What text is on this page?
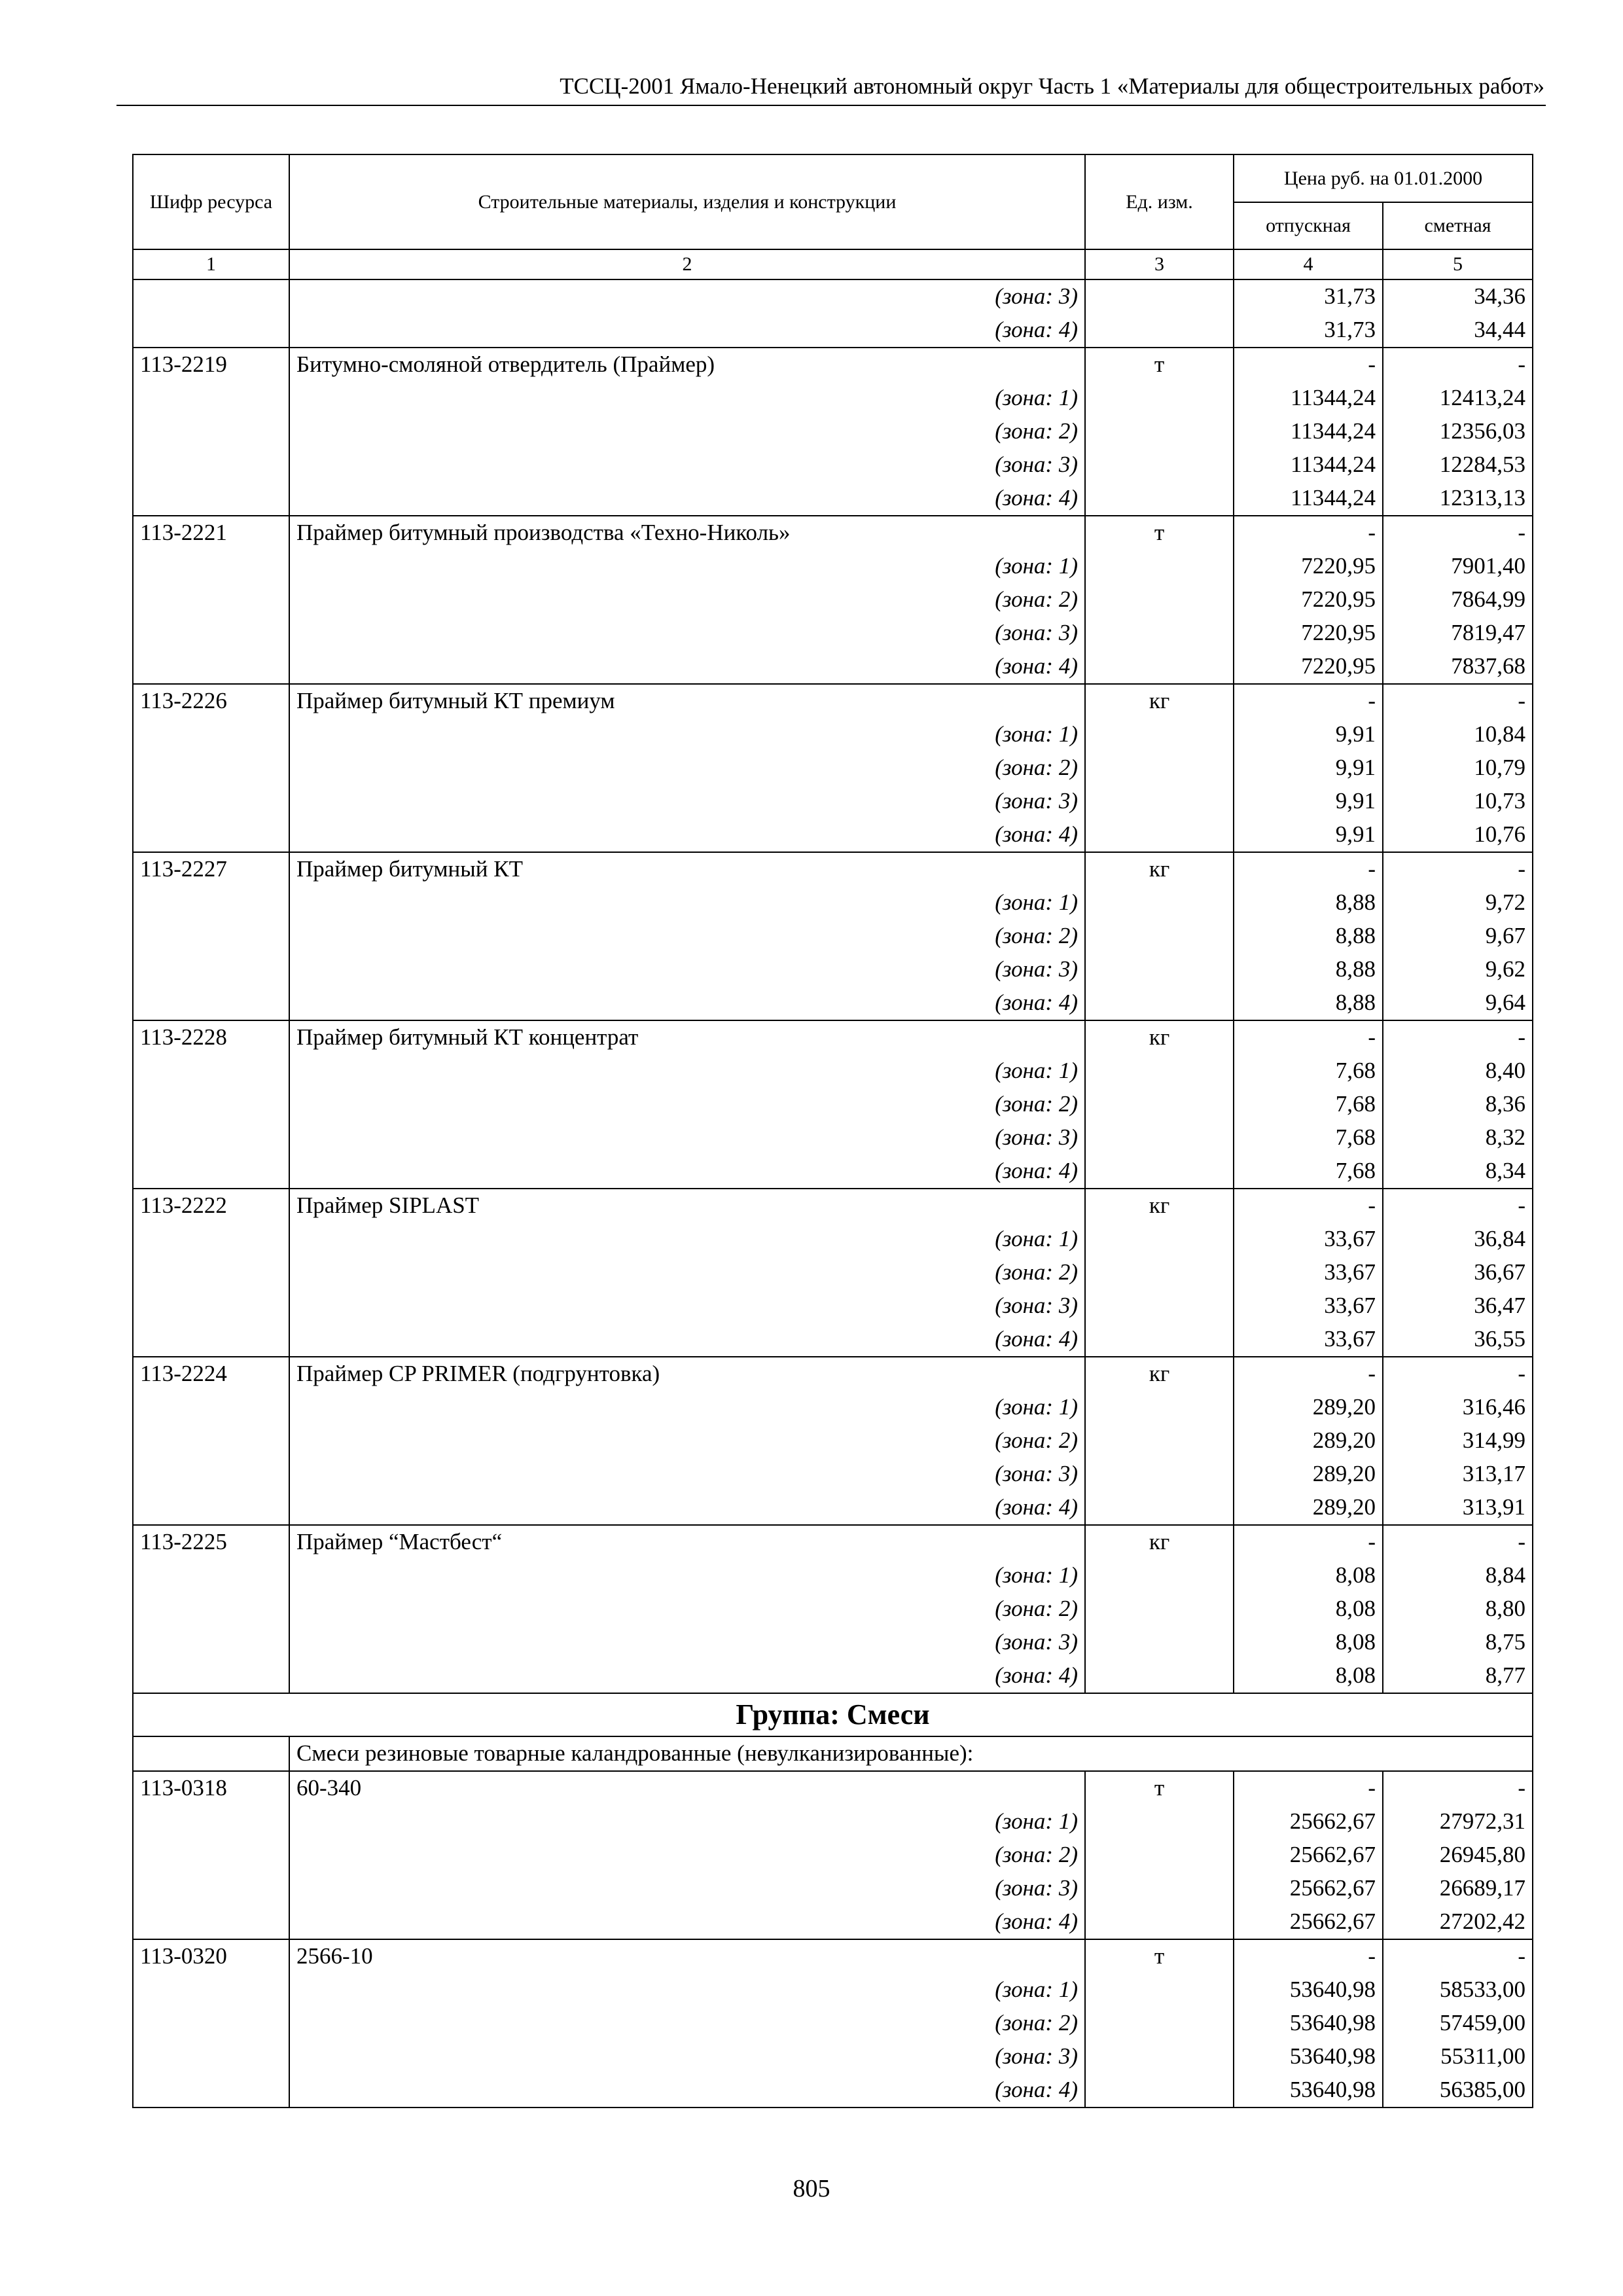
ТССЦ-2001 Ямало-Ненецкий автономный округ Часть 1 «Материалы для общестроительных работ»
Шифр ресурса	Строительные материалы, изделия и конструкции	Ед. изм.	Цена руб. на 01.01.2000	
			отпускная	сметная
1	2	3	4	5
	(зона: 3)		31,73	34,36
	(зона: 4)		31,73	34,44
113-2219	Битумно-смоляной отвердитель (Праймер)	т	-	-
	(зона: 1)		11344,24	12413,24
	(зона: 2)		11344,24	12356,03
	(зона: 3)		11344,24	12284,53
	(зона: 4)		11344,24	12313,13
113-2221	Праймер битумный производства «Техно-Николь»	т	-	-
	(зона: 1)		7220,95	7901,40
	(зона: 2)		7220,95	7864,99
	(зона: 3)		7220,95	7819,47
	(зона: 4)		7220,95	7837,68
113-2226	Праймер битумный КТ премиум	кг	-	-
	(зона: 1)		9,91	10,84
	(зона: 2)		9,91	10,79
	(зона: 3)		9,91	10,73
	(зона: 4)		9,91	10,76
113-2227	Праймер битумный КТ	кг	-	-
	(зона: 1)		8,88	9,72
	(зона: 2)		8,88	9,67
	(зона: 3)		8,88	9,62
	(зона: 4)		8,88	9,64
113-2228	Праймер битумный КТ концентрат	кг	-	-
	(зона: 1)		7,68	8,40
	(зона: 2)		7,68	8,36
	(зона: 3)		7,68	8,32
	(зона: 4)		7,68	8,34
113-2222	Праймер SIPLAST	кг	-	-
	(зона: 1)		33,67	36,84
	(зона: 2)		33,67	36,67
	(зона: 3)		33,67	36,47
	(зона: 4)		33,67	36,55
113-2224	Праймер CP PRIMER (подгрунтовка)	кг	-	-
	(зона: 1)		289,20	316,46
	(зона: 2)		289,20	314,99
	(зона: 3)		289,20	313,17
	(зона: 4)		289,20	313,91
113-2225	Праймер “Мастбест“	кг	-	-
	(зона: 1)		8,08	8,84
	(зона: 2)		8,08	8,80
	(зона: 3)		8,08	8,75
	(зона: 4)		8,08	8,77
Группа: Смеси				
	Смеси резиновые товарные каландрованные (невулканизированные):			
113-0318	60-340	т	-	-
	(зона: 1)		25662,67	27972,31
	(зона: 2)		25662,67	26945,80
	(зона: 3)		25662,67	26689,17
	(зона: 4)		25662,67	27202,42
113-0320	2566-10	т	-	-
	(зона: 1)		53640,98	58533,00
	(зона: 2)		53640,98	57459,00
	(зона: 3)		53640,98	55311,00
	(зона: 4)		53640,98	56385,00
805
